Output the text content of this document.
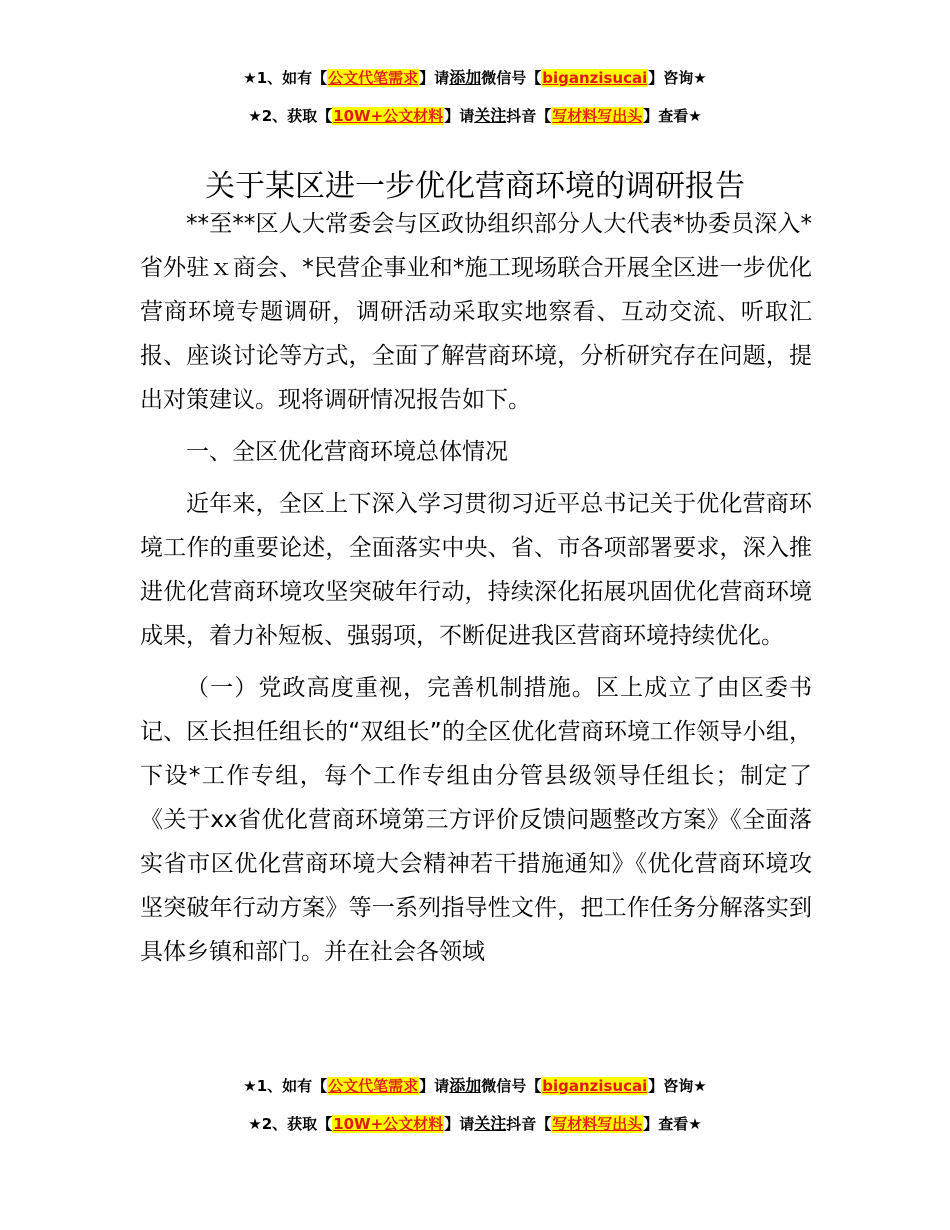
★1、如有【公文代笔需求】请添加微信号【biganzisucai】咨询★
★2、获取【10W+公文材料】请关注抖音【写材料写出头】查看★
关于某区进一步优化营商环境的调研报告

**至**区人大常委会与区政协组织部分人大代表*协委员深入*省外驻ｘ商会、*民营企事业和*施工现场联合开展全区进一步优化营商环境专题调研，调研活动采取实地察看、互动交流、听取汇报、座谈讨论等方式，全面了解营商环境，分析研究存在问题，提出对策建议。现将调研情况报告如下。

一、全区优化营商环境总体情况

近年来，全区上下深入学习贯彻习近平总书记关于优化营商环境工作的重要论述，全面落实中央、省、市各项部署要求，深入推进优化营商环境攻坚突破年行动，持续深化拓展巩固优化营商环境成果，着力补短板、强弱项，不断促进我区营商环境持续优化。

（一）党政高度重视，完善机制措施。区上成立了由区委书记、区长担任组长的“双组长”的全区优化营商环境工作领导小组，下设*工作专组，每个工作专组由分管县级领导任组长；制定了《关于xx省优化营商环境第三方评价反馈问题整改方案》《全面落实省市区优化营商环境大会精神若干措施通知》《优化营商环境攻坚突破年行动方案》等一系列指导性文件，把工作任务分解落实到具体乡镇和部门。并在社会各领域

★1、如有【公文代笔需求】请添加微信号【biganzisucai】咨询★
★2、获取【10W+公文材料】请关注抖音【写材料写出头】查看★
